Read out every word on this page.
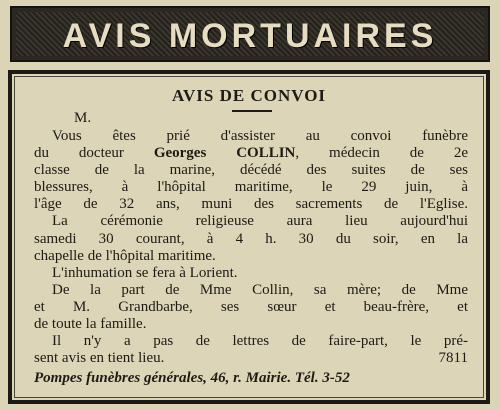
AVIS MORTUAIRES
AVIS DE CONVOI
M.
Vous êtes prié d'assister au convoi funèbre
du docteur Georges COLLIN, médecin de 2e
classe de la marine, décédé des suites de ses
blessures, à l'hôpital maritime, le 29 juin, à
l'âge de 32 ans, muni des sacrements de l'Eglise.
La cérémonie religieuse aura lieu aujourd'hui
samedi 30 courant, à 4 h. 30 du soir, en la
chapelle de l'hôpital maritime.
L'inhumation se fera à Lorient.
De la part de Mme Collin, sa mère; de Mme
et M. Grandbarbe, ses sœur et beau-frère, et
de toute la famille.
Il n'y a pas de lettres de faire-part, le pré-
sent avis en tient lieu.	7811
Pompes funèbres générales, 46, r. Mairie. Tél. 3-52
